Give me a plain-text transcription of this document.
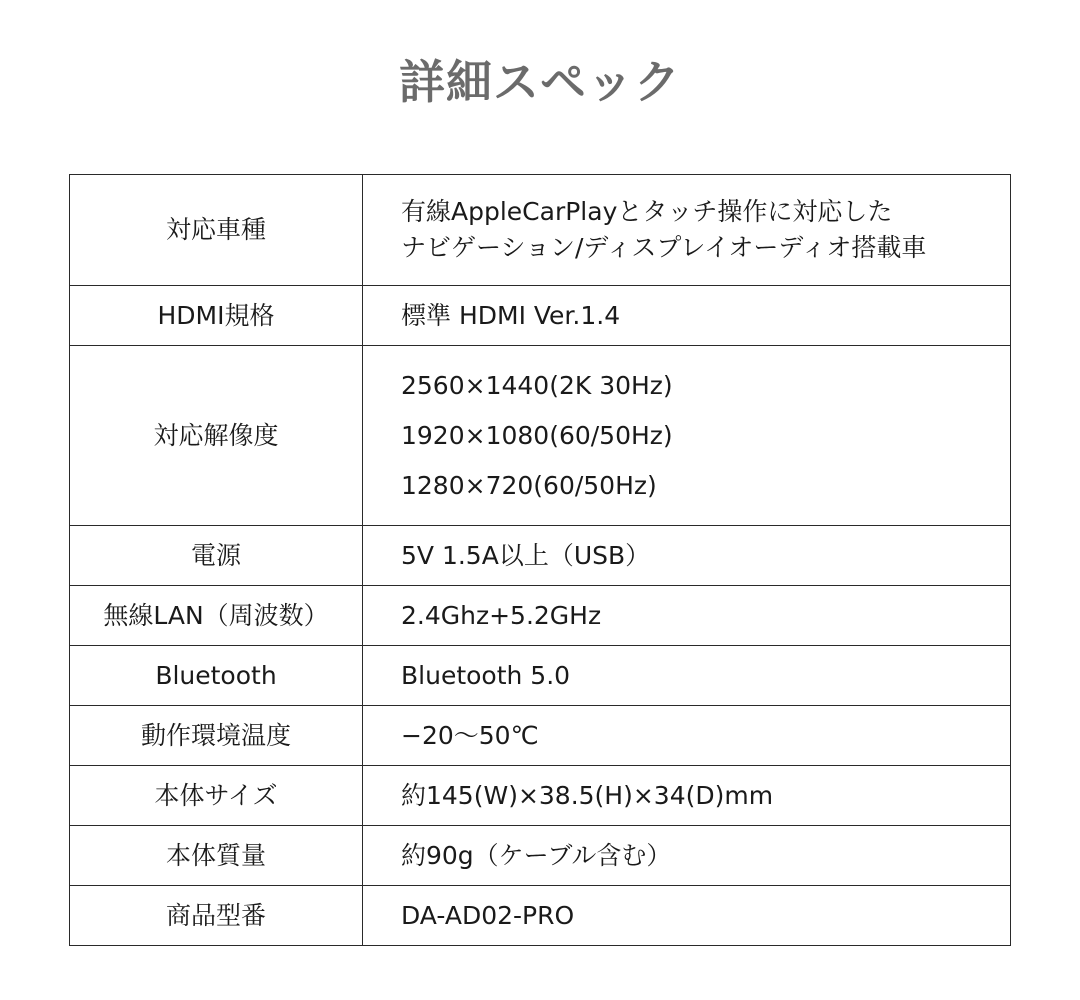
詳細スペック
対応車種	有線AppleCarPlayとタッチ操作に対応した
ナビゲーション/ディスプレイオーディオ搭載車

HDMI規格	標準 HDMI Ver.1.4

対応解像度	2560×1440(2K 30Hz)
1920×1080(60/50Hz)
1280×720(60/50Hz)

電源	5V 1.5A以上（USB）

無線LAN（周波数）	2.4Ghz+5.2GHz

Bluetooth	Bluetooth 5.0

動作環境温度	−20〜50℃

本体サイズ	約145(W)×38.5(H)×34(D)mm

本体質量	約90g（ケーブル含む）

商品型番	DA-AD02-PRO
